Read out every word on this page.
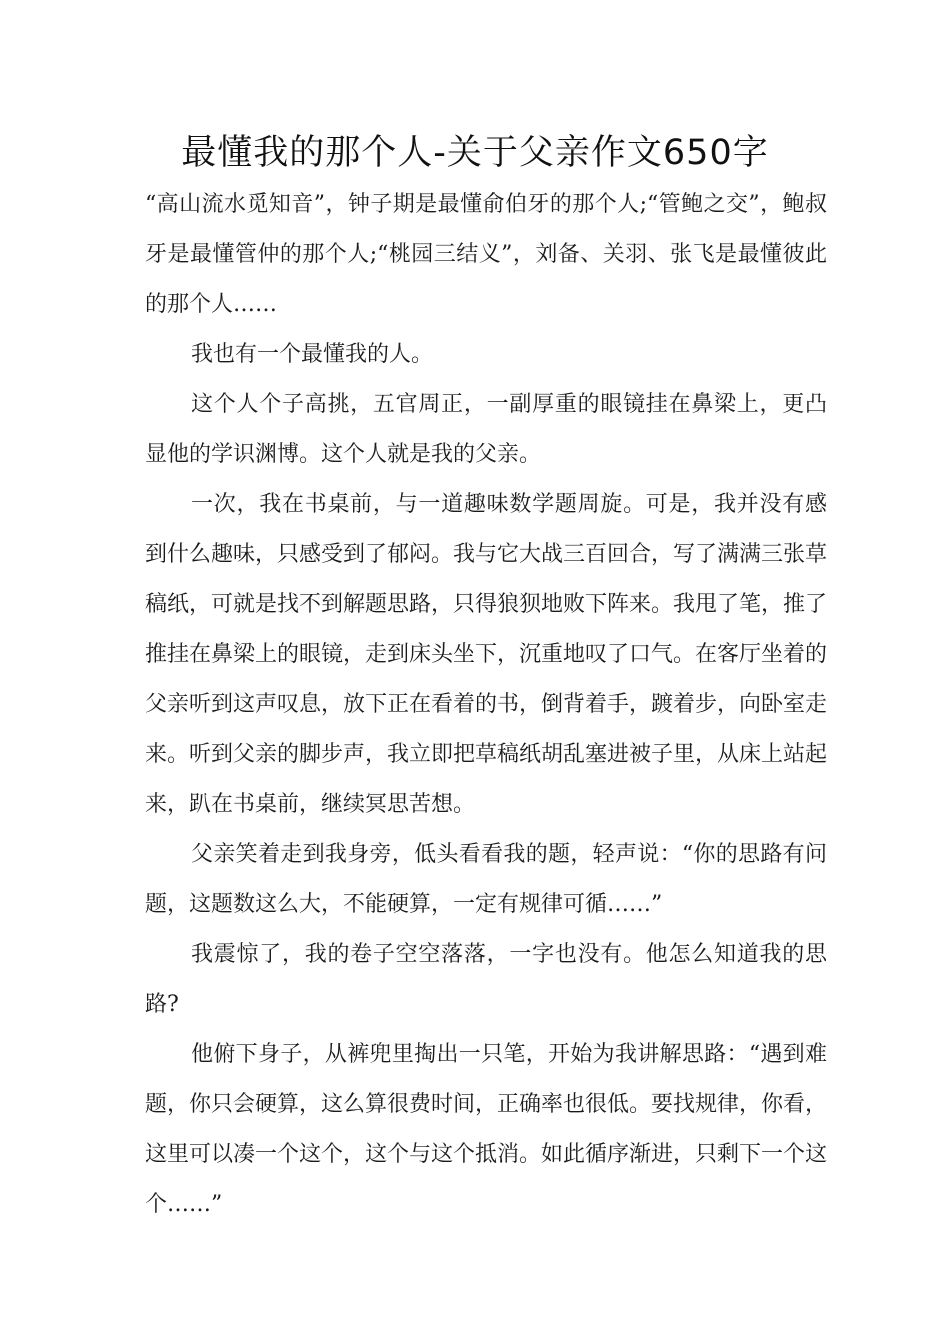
最懂我的那个人-关于父亲作文650字

“高山流水觅知音”，钟子期是最懂俞伯牙的那个人;“管鲍之交”，鲍叔牙是最懂管仲的那个人;“桃园三结义”，刘备、关羽、张飞是最懂彼此的那个人……

我也有一个最懂我的人。

这个人个子高挑，五官周正，一副厚重的眼镜挂在鼻梁上，更凸显他的学识渊博。这个人就是我的父亲。

一次，我在书桌前，与一道趣味数学题周旋。可是，我并没有感到什么趣味，只感受到了郁闷。我与它大战三百回合，写了满满三张草稿纸，可就是找不到解题思路，只得狼狈地败下阵来。我甩了笔，推了推挂在鼻梁上的眼镜，走到床头坐下，沉重地叹了口气。在客厅坐着的父亲听到这声叹息，放下正在看着的书，倒背着手，踱着步，向卧室走来。听到父亲的脚步声，我立即把草稿纸胡乱塞进被子里，从床上站起来，趴在书桌前，继续冥思苦想。

父亲笑着走到我身旁，低头看看我的题，轻声说：“你的思路有问题，这题数这么大，不能硬算，一定有规律可循……”

我震惊了，我的卷子空空落落，一字也没有。他怎么知道我的思路?

他俯下身子，从裤兜里掏出一只笔，开始为我讲解思路：“遇到难题，你只会硬算，这么算很费时间，正确率也很低。要找规律，你看，这里可以凑一个这个，这个与这个抵消。如此循序渐进，只剩下一个这个……”
